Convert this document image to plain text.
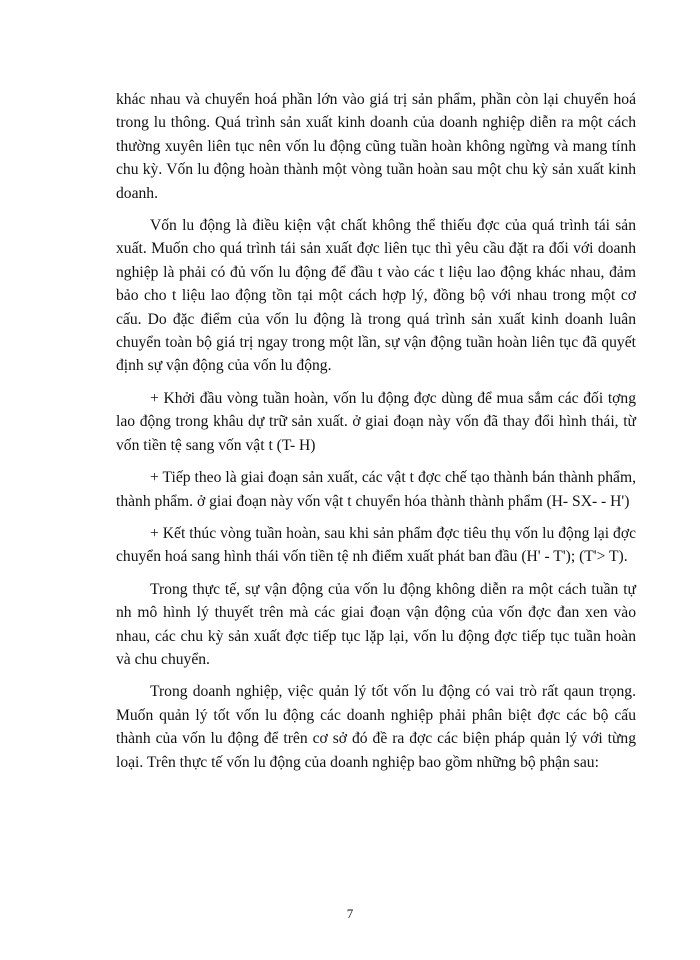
khác nhau và chuyển hoá phần lớn vào giá trị sản phẩm, phần còn lại chuyển hoá trong lu thông. Quá trình sản xuất kinh doanh của doanh nghiệp diễn ra một cách thường xuyên liên tục nên vốn lu động cũng tuần hoàn không ngừng và mang tính chu kỳ. Vốn lu động hoàn thành một vòng tuần hoàn sau một chu kỳ sản xuất kinh doanh.

Vốn lu động là điều kiện vật chất không thể thiếu đợc của quá trình tái sản xuất. Muốn cho quá trình tái sản xuất đợc liên tục thì yêu cầu đặt ra đối với doanh nghiệp là phải có đủ vốn lu động để đầu t vào các t liệu lao động khác nhau, đảm bảo cho t liệu lao động tồn tại một cách hợp lý, đồng bộ với nhau trong một cơ cấu. Do đặc điểm của vốn lu động là trong quá trình sản xuất kinh doanh luân chuyển toàn bộ giá trị ngay trong một lần, sự vận động tuần hoàn liên tục đã quyết định sự vận động của vốn lu động.

+ Khởi đầu vòng tuần hoàn, vốn lu động đợc dùng để mua sắm các đối tợng lao động trong khâu dự trữ sản xuất. ở giai đoạn này vốn đã thay đổi hình thái, từ vốn tiền tệ sang vốn vật t (T- H)

+ Tiếp theo là giai đoạn sản xuất, các vật t đợc chế tạo thành bán thành phẩm, thành phẩm. ở giai đoạn này vốn vật t chuyển hóa thành thành phẩm (H- SX- - H')

+ Kết thúc vòng tuần hoàn, sau khi sản phẩm đợc tiêu thụ vốn lu động lại đợc chuyển hoá sang hình thái vốn tiền tệ nh điểm xuất phát ban đầu (H' - T'); (T'> T).

Trong thực tế, sự vận động của vốn lu động không diễn ra một cách tuần tự nh mô hình lý thuyết trên mà các giai đoạn vận động của vốn đợc đan xen vào nhau, các chu kỳ sản xuất đợc tiếp tục lặp lại, vốn lu động đợc tiếp tục tuần hoàn và chu chuyển.

Trong doanh nghiệp, việc quản lý tốt vốn lu động có vai trò rất qaun trọng. Muốn quản lý tốt vốn lu động các doanh nghiệp phải phân biệt đợc các bộ cấu thành của vốn lu động để trên cơ sở đó đề ra đợc các biện pháp quản lý với từng loại. Trên thực tế vốn lu động của doanh nghiệp bao gồm những bộ phận sau:

7
